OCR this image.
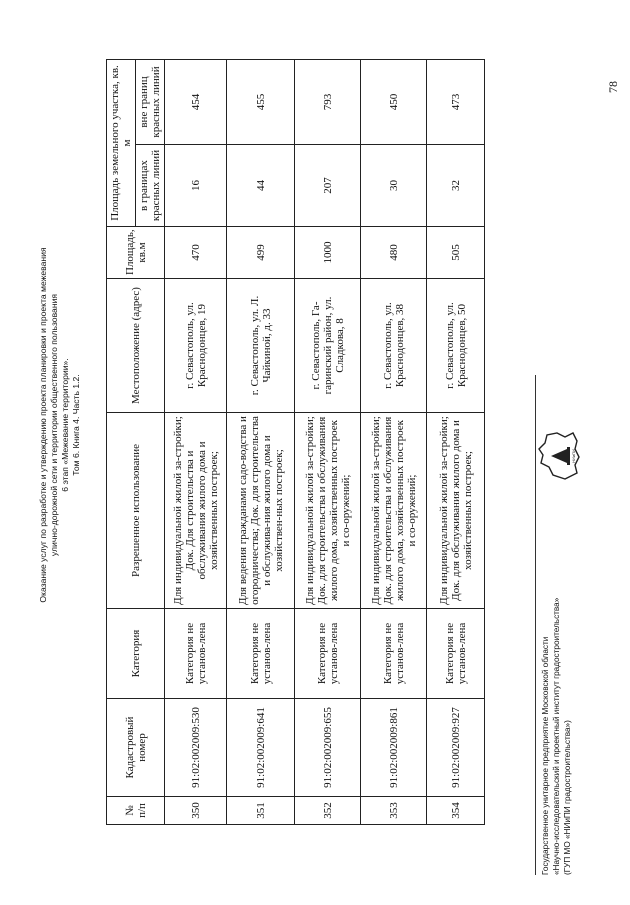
Оказание услуг по разработке и утверждению проекта планировки и проекта межевания улично-дорожной сети и территории общественного пользования 6 этап «Межевание территории». Том 6. Книга 4. Часть 1.2.
№ п/п	Кадастровый номер	Категория	Разрешенное использование	Местоположение (адрес)	Площадь, кв.м	Площадь земельного участка, кв. м	
						в границах красных линий	вне границ красных линий
350	91:02:002009:530	Категория не установ-лена	Для индивидуальной жилой за-стройки; Док. Для строительства и обслуживания жилого дома и хозяйственных построек;	г. Севастополь, ул. Краснодонцев, 19	470	16	454
351	91:02:002009:641	Категория не установ-лена	Для ведения гражданами садо-водства и огородничества; Док. для строительства и обслужива-ния жилого дома и хозяйствен-ных построек;	г. Севастополь, ул. Л. Чайкиной, д. 33	499	44	455
352	91:02:002009:655	Категория не установ-лена	Для индивидуальной жилой за-стройки; Док. для строительства и обслуживания жилого дома, хозяйственных построек и со-оружений;	г. Севастополь, Га-гаринский район, ул. Сладкова, 8	1000	207	793
353	91:02:002009:861	Категория не установ-лена	Для индивидуальной жилой за-стройки; Док. для строительства и обслуживания жилого дома, хозяйственных построек и со-оружений;	г. Севастополь, ул. Краснодонцев, 38	480	30	450
354	91:02:002009:927	Категория не установ-лена	Для индивидуальной жилой за-стройки; Док. для обслуживания жилого дома и хозяйственных построек;	г. Севастополь, ул. Краснодонцев, 50	505	32	473
Государственное унитарное предприятие Московской области «Научно-исследовательский и проектный институт градостроительства» (ГУП МО «НИиПИ градостроительства»)
НИиПИ
78
